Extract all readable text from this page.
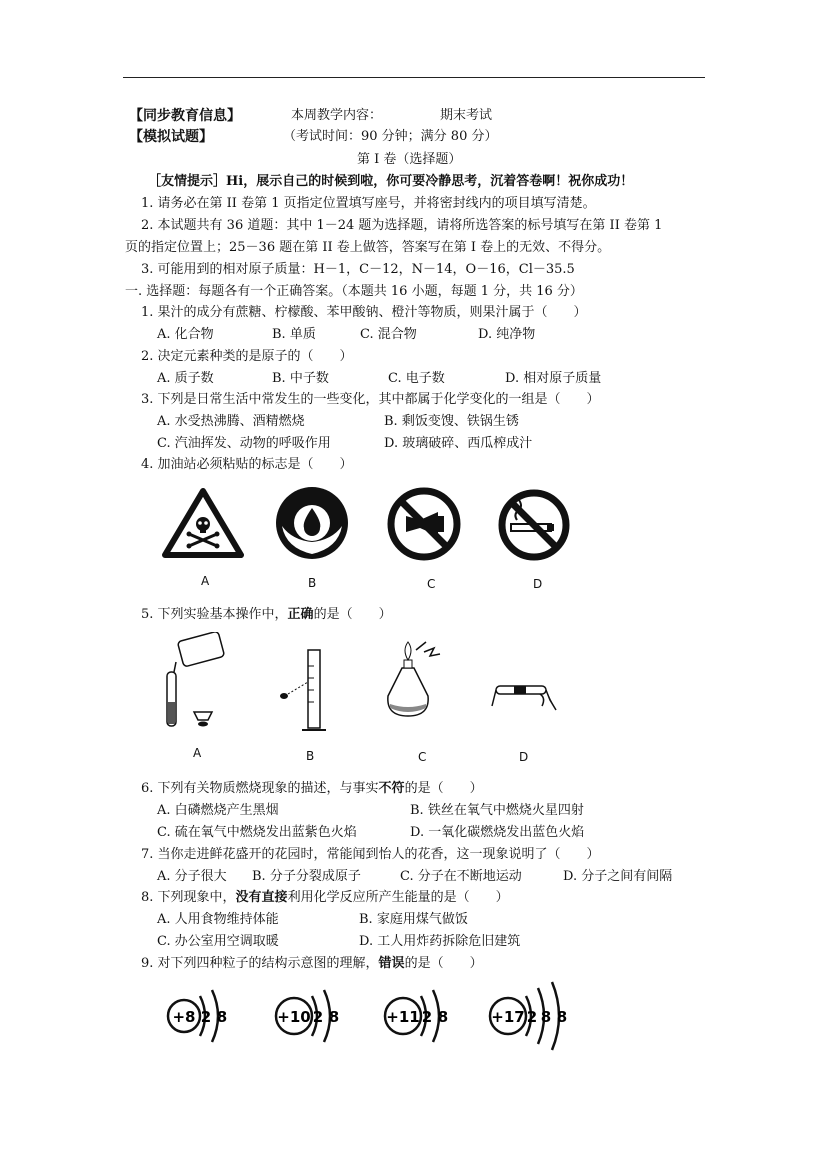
【同步教育信息】	本周教学内容：	期末考试
【模拟试题】	（考试时间：90 分钟；满分 80 分）
第 I 卷（选择题）
［友情提示］Hi，展示自己的时候到啦，你可要冷静思考，沉着答卷啊！祝你成功！
1. 请务必在第 II 卷第 1 页指定位置填写座号，并将密封线内的项目填写清楚。
2. 本试题共有 36 道题：其中 1－24 题为选择题，请将所选答案的标号填写在第 II 卷第 1
页的指定位置上；25－36 题在第 II 卷上做答，答案写在第 I 卷上的无效、不得分。
3. 可能用到的相对原子质量：H－1，C－12，N－14，O－16，Cl－35.5
一. 选择题：每题各有一个正确答案。（本题共 16 小题，每题 1 分，共 16 分）
1. 果汁的成分有蔗糖、柠檬酸、苯甲酸钠、橙汁等物质，则果汁属于（　　）
A. 化合物	B. 单质	C. 混合物	D. 纯净物
2. 决定元素种类的是原子的（　　）
A. 质子数	B. 中子数	C. 电子数	D. 相对原子质量
3. 下列是日常生活中常发生的一些变化，其中都属于化学变化的一组是（　　）
A. 水受热沸腾、酒精燃烧	B. 剩饭变馊、铁锅生锈
C. 汽油挥发、动物的呼吸作用	D. 玻璃破碎、西瓜榨成汁
4. 加油站必须粘贴的标志是（　　）
A	B	C	D
5. 下列实验基本操作中，正确的是（　　）
A	B	C	D
6. 下列有关物质燃烧现象的描述，与事实不符的是（　　）
A. 白磷燃烧产生黑烟	B. 铁丝在氧气中燃烧火星四射
C. 硫在氧气中燃烧发出蓝紫色火焰	D. 一氧化碳燃烧发出蓝色火焰
7. 当你走进鲜花盛开的花园时，常能闻到怡人的花香，这一现象说明了（　　）
A. 分子很大 B. 分子分裂成原子	C. 分子在不断地运动	D. 分子之间有间隔
8. 下列现象中，没有直接利用化学反应所产生能量的是（　　）
A. 人用食物维持体能	B. 家庭用煤气做饭
C. 办公室用空调取暖	D. 工人用炸药拆除危旧建筑
9. 对下列四种粒子的结构示意图的理解，错误的是（　　）
+8 2 8	+10 2 8	+11 2 8	+17 2 8 8
